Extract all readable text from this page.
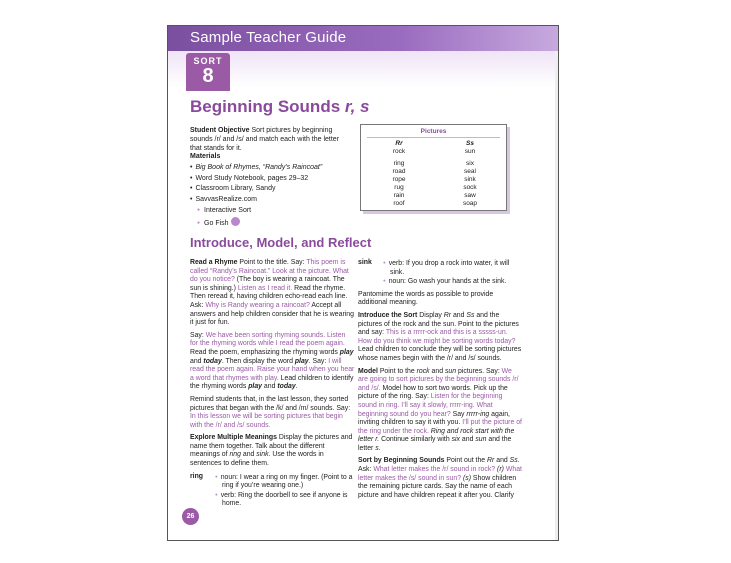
Sample Teacher Guide
SORT
8
Beginning Sounds r, s
Student Objective Sort pictures by beginning sounds /r/ and /s/ and match each with the letter that stands for it.
Materials
• Big Book of Rhymes, “Randy’s Raincoat”
• Word Study Notebook, pages 29–32
• Classroom Library, Sandy
• SavvasRealize.com
● Interactive Sort
● Go Fish
Pictures
Rr
rock
ring
road
rope
rug
rain
roof
Ss
sun
six
seal
sink
sock
saw
soap
Introduce, Model, and Reflect

Read a Rhyme Point to the title. Say: This poem is called “Randy’s Raincoat.” Look at the picture. What do you notice? (The boy is wearing a raincoat. The sun is shining.) Listen as I read it. Read the rhyme. Then reread it, having children echo-read each line. Ask: Why is Randy wearing a raincoat? Accept all answers and help children consider that he is wearing it just for fun.

Say: We have been sorting rhyming sounds. Listen for the rhyming words while I read the poem again. Read the poem, emphasizing the rhyming words play and today. Then display the word play. Say: I will read the poem again. Raise your hand when you hear a word that rhymes with play. Lead children to identify the rhyming words play and today.

Remind students that, in the last lesson, they sorted pictures that began with the /k/ and /m/ sounds. Say: In this lesson we will be sorting pictures that begin with the /r/ and /s/ sounds.

Explore Multiple Meanings Display the pictures and name them together. Talk about the different meanings of ring and sink. Use the words in sentences to define them.

ring	● noun: I wear a ring on my finger. (Point to a ring if you’re wearing one.)
● verb: Ring the doorbell to see if anyone is home.
sink	● verb: If you drop a rock into water, it will sink.
● noun: Go wash your hands at the sink.

Pantomime the words as possible to provide additional meaning.

Introduce the Sort Display Rr and Ss and the pictures of the rock and the sun. Point to the pictures and say: This is a rrrrr-ock and this is a sssss-un. How do you think we might be sorting words today? Lead children to conclude they will be sorting pictures whose names begin with the /r/ and /s/ sounds.

Model Point to the rock and sun pictures. Say: We are going to sort pictures by the beginning sounds /r/ and /s/. Model how to sort two words. Pick up the picture of the ring. Say: Listen for the beginning sound in ring. I’ll say it slowly, rrrrr-ing. What beginning sound do you hear? Say rrrrr-ing again, inviting children to say it with you. I’ll put the picture of the ring under the rock. Ring and rock start with the letter r. Continue similarly with six and sun and the letter s.

Sort by Beginning Sounds Point out the Rr and Ss. Ask: What letter makes the /r/ sound in rock? (r) What letter makes the /s/ sound in sun? (s) Show children the remaining picture cards. Say the name of each picture and have children repeat it after you. Clarify

26
